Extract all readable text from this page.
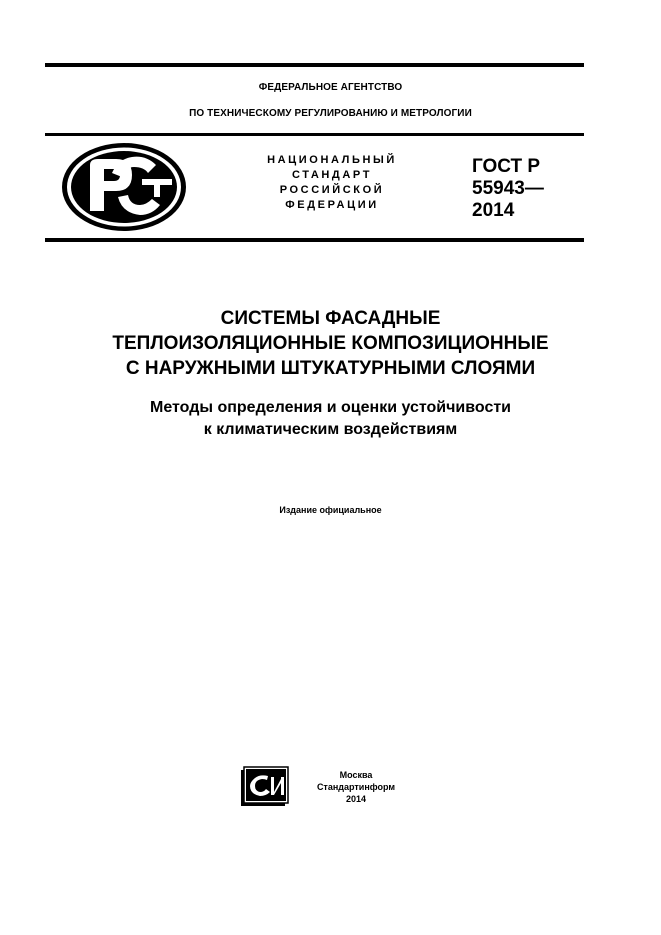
ФЕДЕРАЛЬНОЕ АГЕНТСТВО
ПО ТЕХНИЧЕСКОМУ РЕГУЛИРОВАНИЮ И МЕТРОЛОГИИ
НАЦИОНАЛЬНЫЙ
СТАНДАРТ
РОССИЙСКОЙ
ФЕДЕРАЦИИ
ГОСТ Р
55943—
2014
СИСТЕМЫ ФАСАДНЫЕ
ТЕПЛОИЗОЛЯЦИОННЫЕ КОМПОЗИЦИОННЫЕ
С НАРУЖНЫМИ ШТУКАТУРНЫМИ СЛОЯМИ
Методы определения и оценки устойчивости
к климатическим воздействиям
Издание официальное
Москва
Стандартинформ
2014
